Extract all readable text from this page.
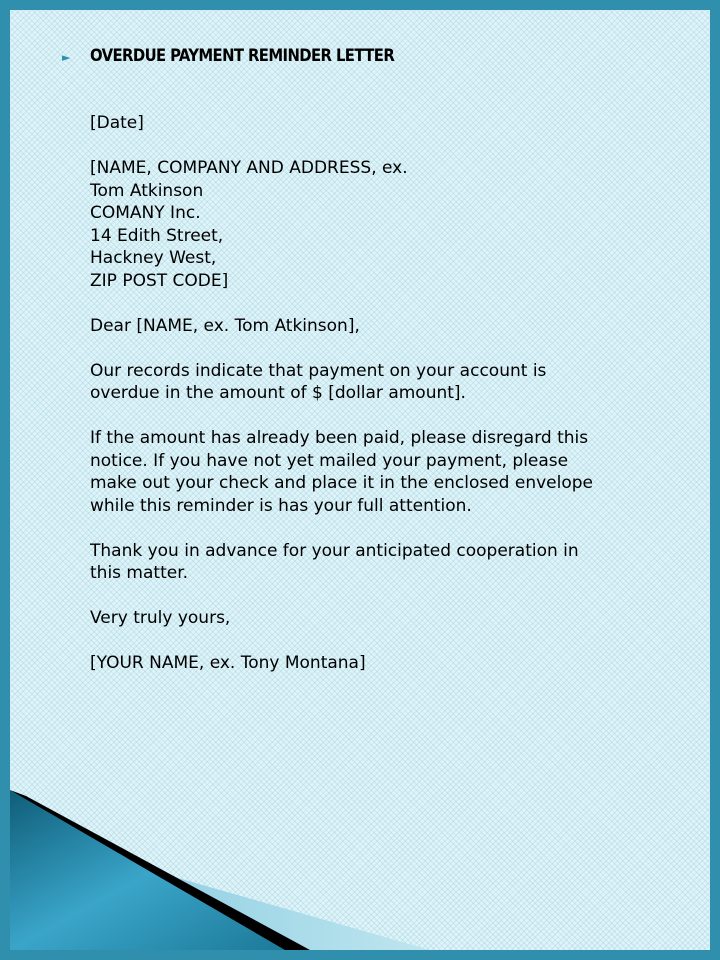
► OVERDUE PAYMENT REMINDER LETTER
[Date]
[NAME, COMPANY AND ADDRESS, ex.
Tom Atkinson
COMANY Inc.
14 Edith Street,
Hackney West,
ZIP POST CODE]
Dear [NAME, ex. Tom Atkinson],
Our records indicate that payment on your account is
overdue in the amount of $ [dollar amount].
If the amount has already been paid, please disregard this
notice. If you have not yet mailed your payment, please
make out your check and place it in the enclosed envelope
while this reminder is has your full attention.
Thank you in advance for your anticipated cooperation in
this matter.
Very truly yours,
[YOUR NAME, ex. Tony Montana]
